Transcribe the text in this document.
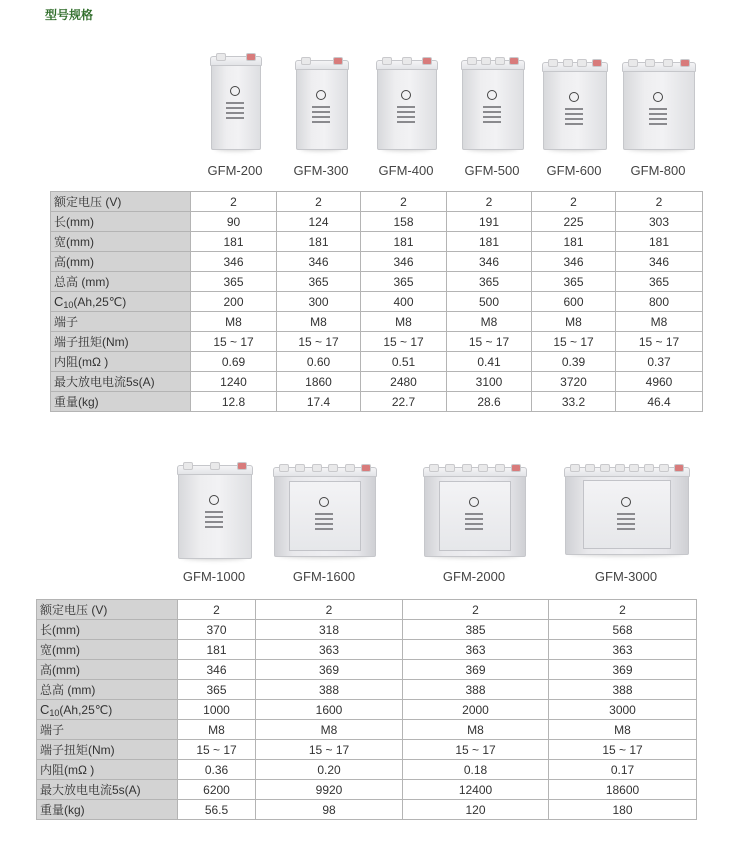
型号规格
GFM-200	GFM-300	GFM-400	GFM-500	GFM-600	GFM-800
额定电压 (V)	2	2	2	2	2	2
长(mm)	90	124	158	191	225	303
宽(mm)	181	181	181	181	181	181
高(mm)	346	346	346	346	346	346
总高 (mm)	365	365	365	365	365	365
$C_{10}(Ah,25℃)$	200	300	400	500	600	800
端子	M8	M8	M8	M8	M8	M8
端子扭矩(Nm)	15 ~ 17	15 ~ 17	15 ~ 17	15 ~ 17	15 ~ 17	15 ~ 17
内阻(mΩ )	0.69	0.60	0.51	0.41	0.39	0.37
最大放电电流5s(A)	1240	1860	2480	3100	3720	4960
重量(kg)	12.8	17.4	22.7	28.6	33.2	46.4
GFM-1000	GFM-1600	GFM-2000	GFM-3000
额定电压 (V)	2	2	2	2
长(mm)	370	318	385	568
宽(mm)	181	363	363	363
高(mm)	346	369	369	369
总高 (mm)	365	388	388	388
$C_{10}(Ah,25℃)$	1000	1600	2000	3000
端子	M8	M8	M8	M8
端子扭矩(Nm)	15 ~ 17	15 ~ 17	15 ~ 17	15 ~ 17
内阻(mΩ )	0.36	0.20	0.18	0.17
最大放电电流5s(A)	6200	9920	12400	18600
重量(kg)	56.5	98	120	180
